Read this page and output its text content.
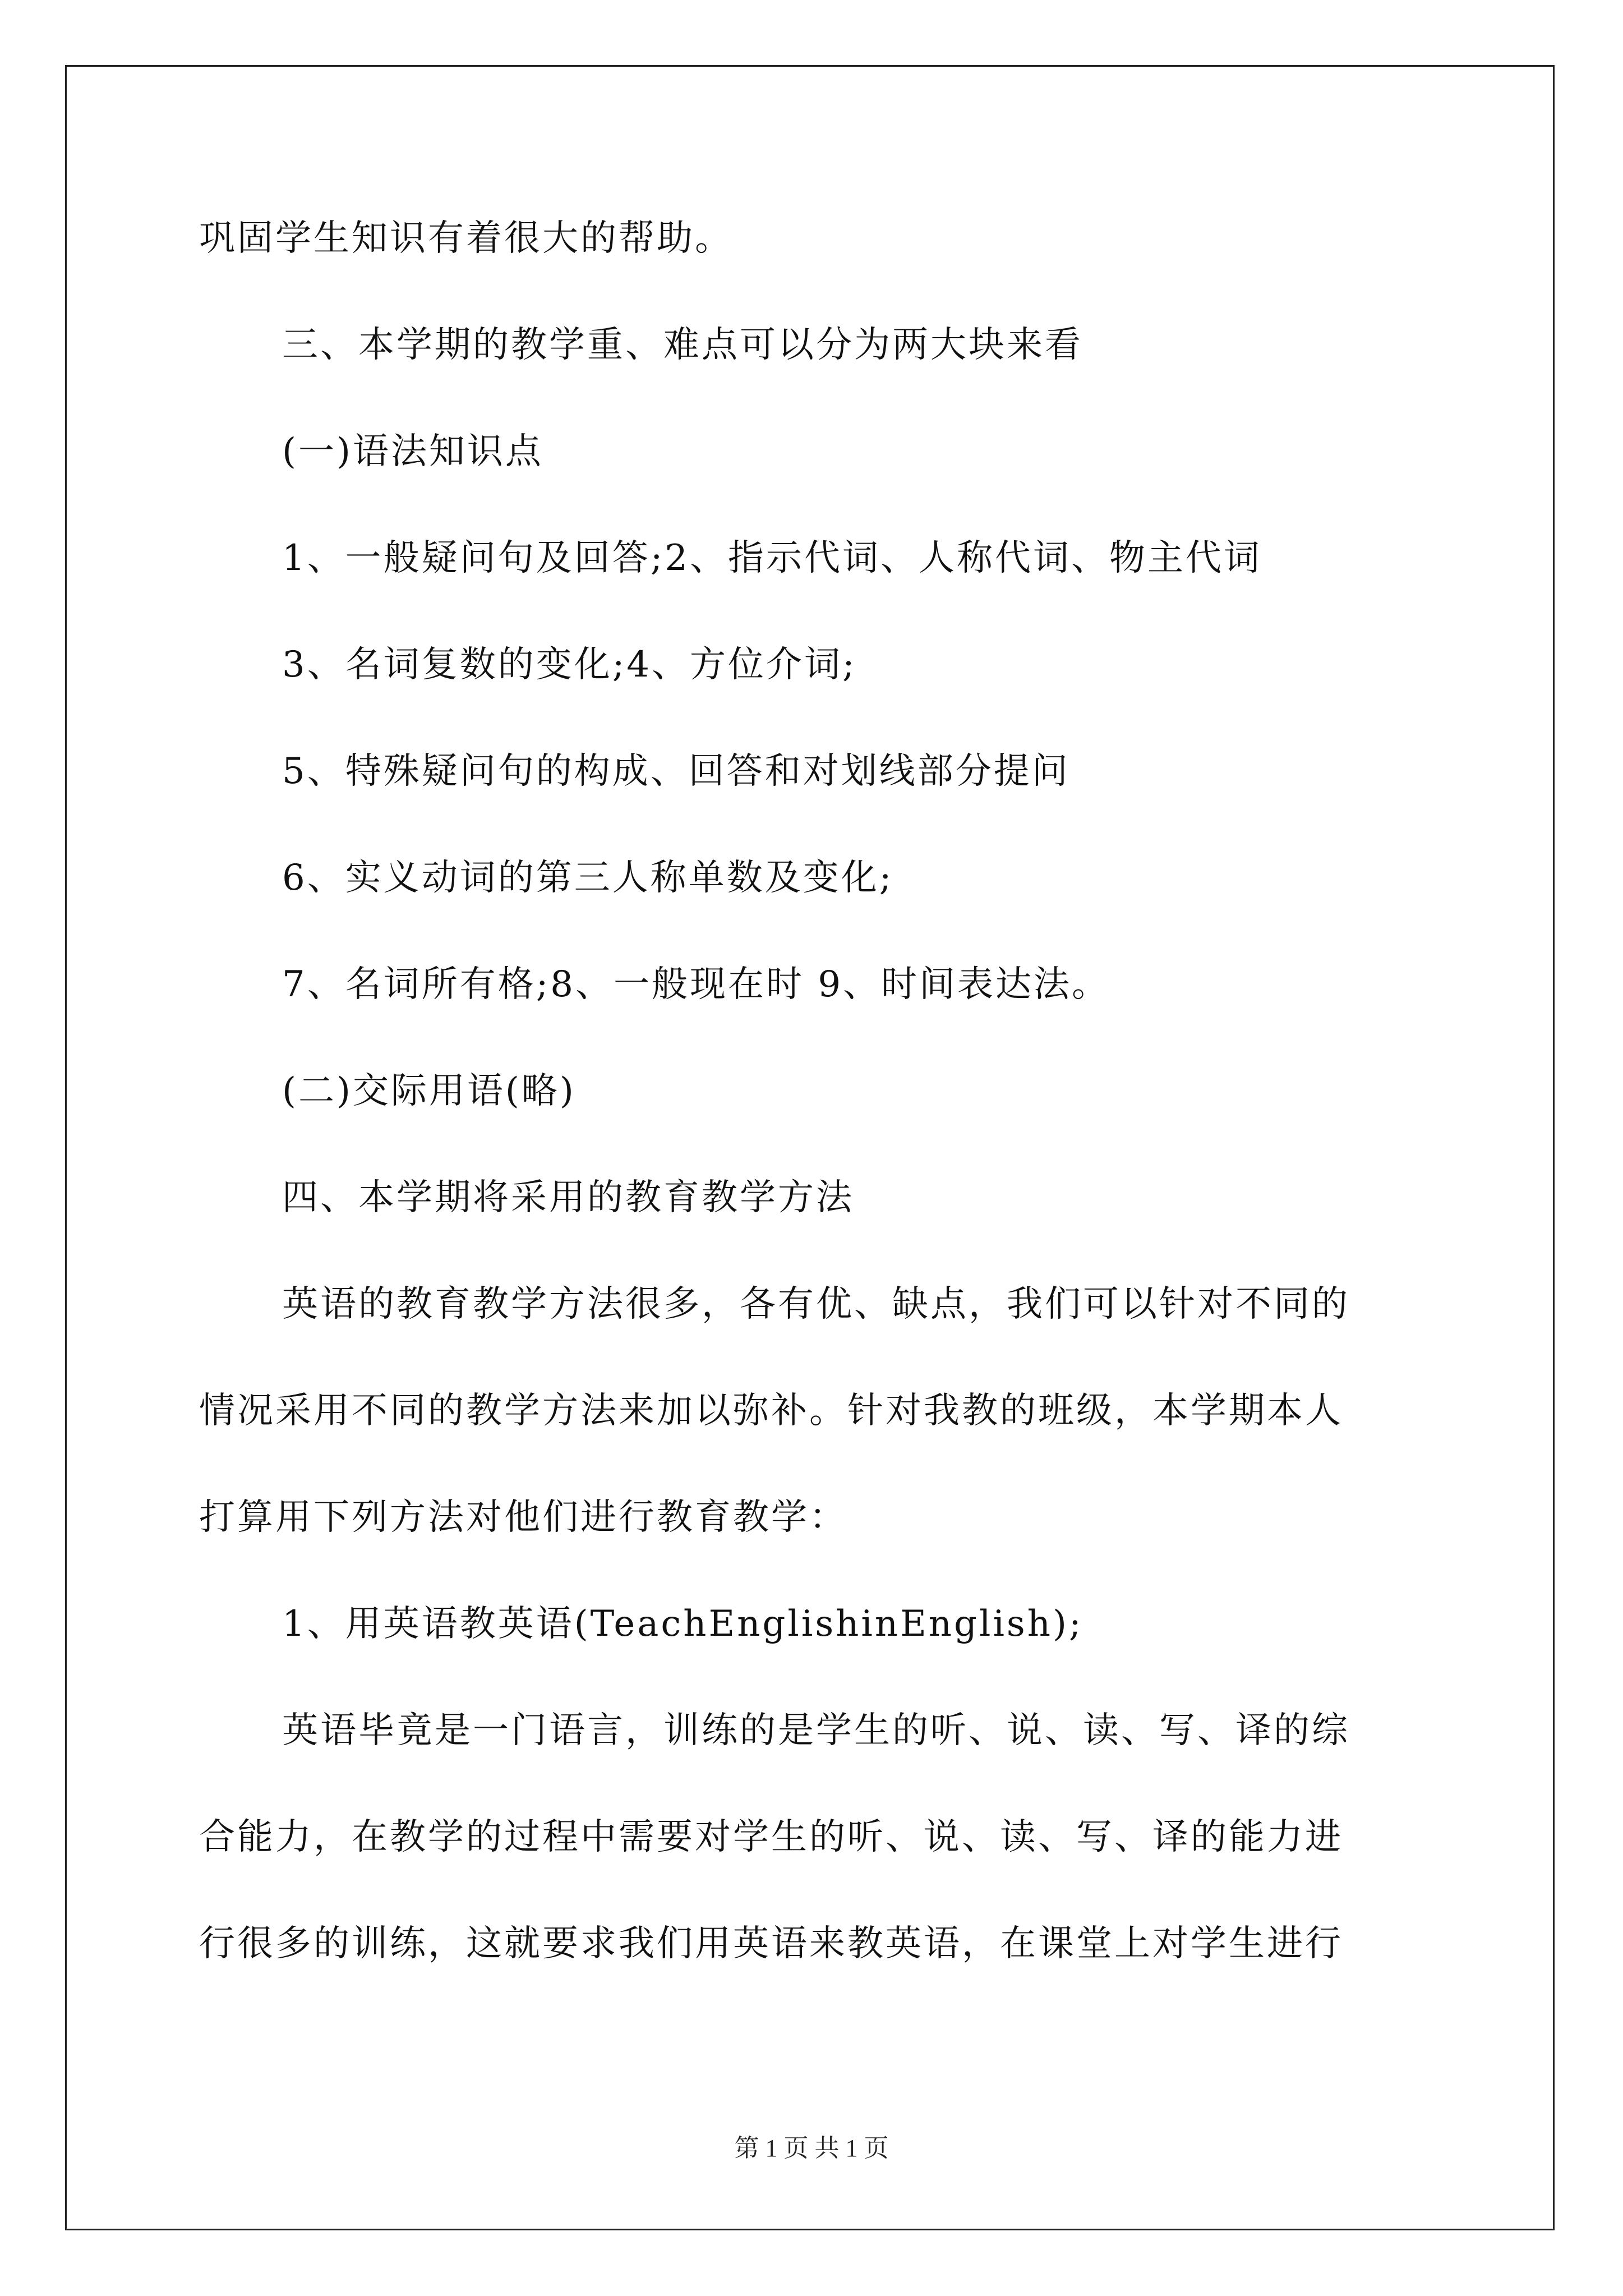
巩固学生知识有着很大的帮助。
三、本学期的教学重、难点可以分为两大块来看
(一)语法知识点
1、一般疑问句及回答;2、指示代词、人称代词、物主代词
3、名词复数的变化;4、方位介词;
5、特殊疑问句的构成、回答和对划线部分提问
6、实义动词的第三人称单数及变化;
7、名词所有格;8、一般现在时 9、时间表达法。
(二)交际用语(略)
四、本学期将采用的教育教学方法
英语的教育教学方法很多，各有优、缺点，我们可以针对不同的
情况采用不同的教学方法来加以弥补。针对我教的班级，本学期本人
打算用下列方法对他们进行教育教学：
1、用英语教英语(TeachEnglishinEnglish);
英语毕竟是一门语言，训练的是学生的听、说、读、写、译的综
合能力，在教学的过程中需要对学生的听、说、读、写、译的能力进
行很多的训练，这就要求我们用英语来教英语，在课堂上对学生进行
第 1 页 共 1 页
